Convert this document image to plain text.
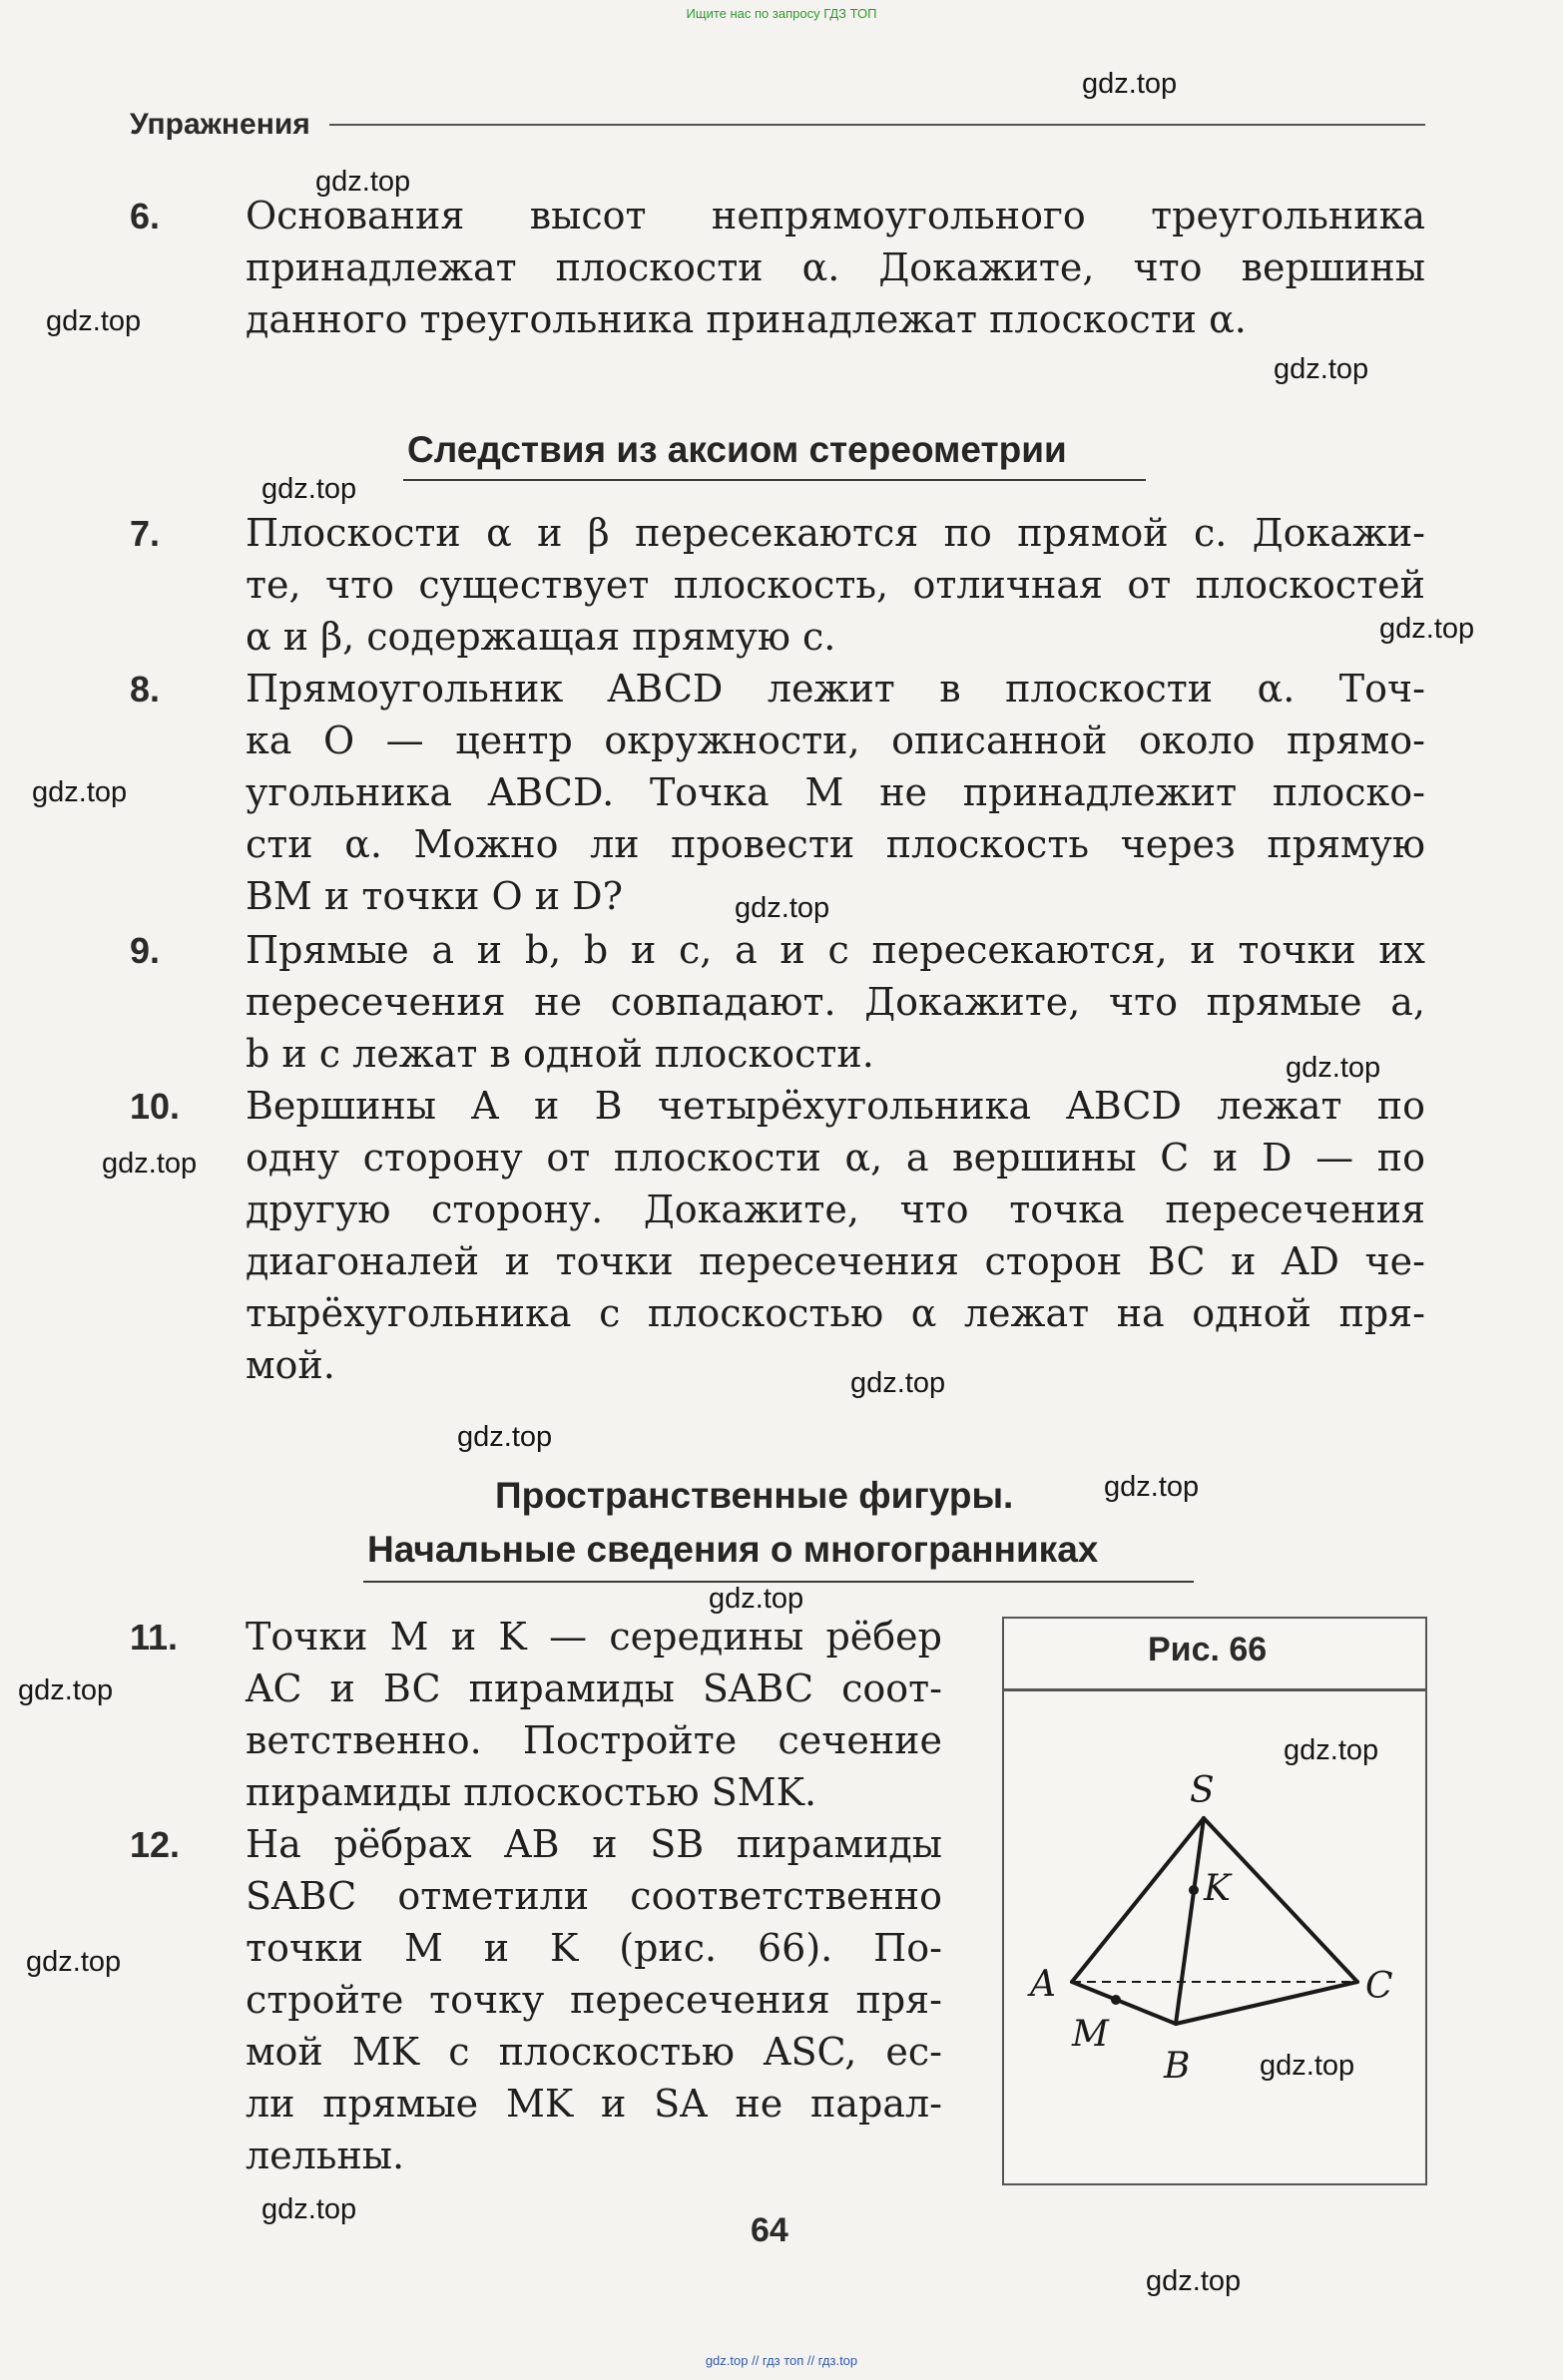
Ищите нас по запросу ГДЗ ТОП
Упражнения
6. Основания высот непрямоугольного треугольника
принадлежат плоскости α. Докажите, что вершины
данного треугольника принадлежат плоскости α.
Следствия из аксиом стереометрии
7. Плоскости α и β пересекаются по прямой c. Докажи-
те, что существует плоскость, отличная от плоскостей
α и β, содержащая прямую c.
8. Прямоугольник ABCD лежит в плоскости α. Точ-
ка O — центр окружности, описанной около прямо-
угольника ABCD. Точка M не принадлежит плоско-
сти α. Можно ли провести плоскость через прямую
BM и точки O и D?
9. Прямые a и b, b и c, a и c пересекаются, и точки их
пересечения не совпадают. Докажите, что прямые a,
b и c лежат в одной плоскости.
10. Вершины A и B четырёхугольника ABCD лежат по
одну сторону от плоскости α, а вершины C и D — по
другую сторону. Докажите, что точка пересечения
диагоналей и точки пересечения сторон BC и AD че-
тырёхугольника с плоскостью α лежат на одной пря-
мой.
Пространственные фигуры.
Начальные сведения о многогранниках
11. Точки M и K — середины рёбер
AC и BC пирамиды SABC соот-
ветственно. Постройте сечение
пирамиды плоскостью SMK.
12. На рёбрах AB и SB пирамиды
SABC отметили соответственно
точки M и K (рис. 66). По-
стройте точку пересечения пря-
мой MK с плоскостью ASC, ес-
ли прямые MK и SA не парал-
лельны.
Рис. 66
S
K
A	C
M
B
64
gdz.top
gdz.top
gdz.top
gdz.top
gdz.top
gdz.top
gdz.top
gdz.top
gdz.top
gdz.top
gdz.top
gdz.top
gdz.top
gdz.top
gdz.top
gdz.top
gdz.top
gdz.top
gdz.top
gdz.top
gdz.top // гдз топ // гдз.top
